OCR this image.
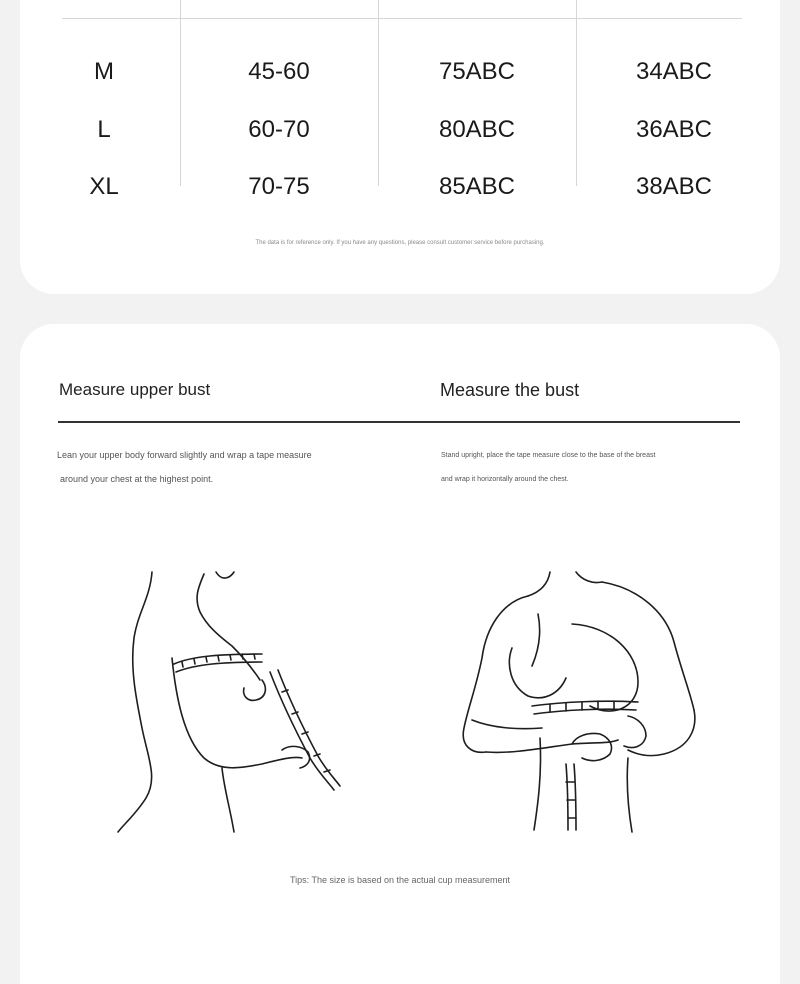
M	45-60	75ABC	34ABC
L	60-70	80ABC	36ABC
XL	70-75	85ABC	38ABC
The data is for reference only. If you have any questions, please consult customer service before purchasing.
Measure upper bust	Measure the bust
Lean your upper body forward slightly and wrap a tape measure
around your chest at the highest point.
Stand upright, place the tape measure close to the base of the breast
and wrap it horizontally around the chest.
Tips: The size is based on the actual cup measurement
